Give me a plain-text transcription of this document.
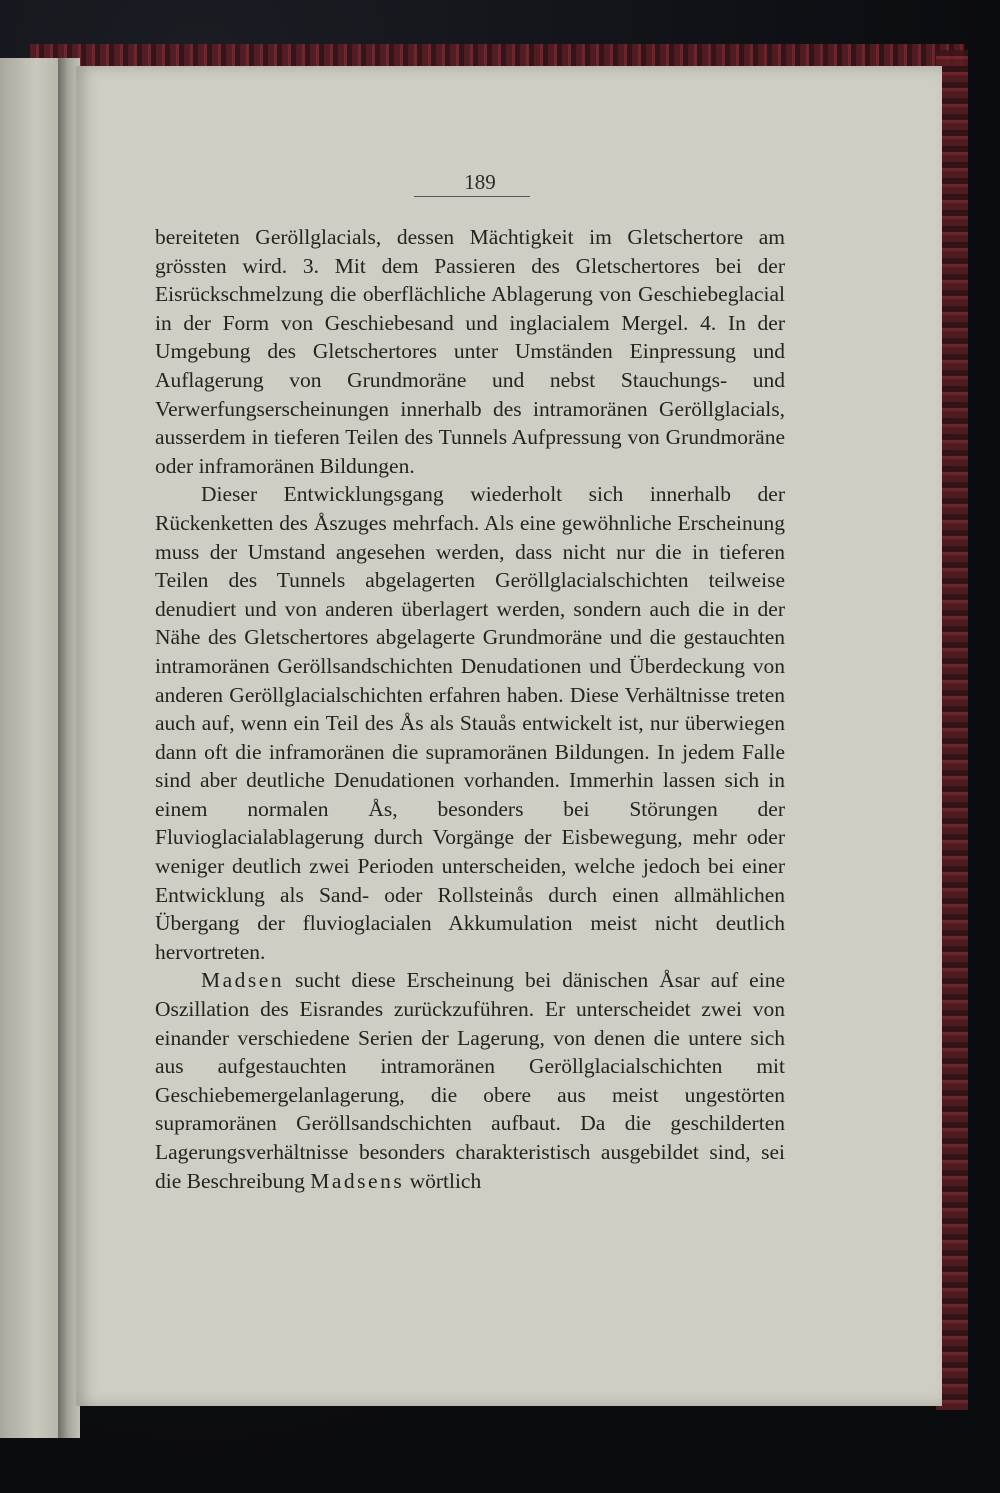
189

bereiteten Geröllglacials, dessen Mächtigkeit im Gletschertore am grössten wird. 3. Mit dem Passieren des Gletschertores bei der Eisrückschmelzung die oberflächliche Ablagerung von Geschiebeglacial in der Form von Geschiebesand und inglacialem Mergel. 4. In der Umgebung des Gletschertores unter Umständen Einpressung und Auflagerung von Grundmoräne und nebst Stauchungs- und Verwerfungserscheinungen innerhalb des intramoränen Geröllglacials, ausserdem in tieferen Teilen des Tunnels Aufpressung von Grundmoräne oder inframoränen Bildungen.

Dieser Entwicklungsgang wiederholt sich innerhalb der Rückenketten des Åszuges mehrfach. Als eine gewöhnliche Erscheinung muss der Umstand angesehen werden, dass nicht nur die in tieferen Teilen des Tunnels abgelagerten Geröllglacialschichten teilweise denudiert und von anderen überlagert werden, sondern auch die in der Nähe des Gletschertores abgelagerte Grundmoräne und die gestauchten intramoränen Geröllsandschichten Denudationen und Überdeckung von anderen Geröllglacialschichten erfahren haben. Diese Verhältnisse treten auch auf, wenn ein Teil des Ås als Stauås entwickelt ist, nur überwiegen dann oft die inframoränen die supramoränen Bildungen. In jedem Falle sind aber deutliche Denudationen vorhanden. Immerhin lassen sich in einem normalen Ås, besonders bei Störungen der Fluvioglacialablagerung durch Vorgänge der Eisbewegung, mehr oder weniger deutlich zwei Perioden unterscheiden, welche jedoch bei einer Entwicklung als Sand- oder Rollsteinås durch einen allmählichen Übergang der fluvioglacialen Akkumulation meist nicht deutlich hervortreten.

Madsen sucht diese Erscheinung bei dänischen Åsar auf eine Oszillation des Eisrandes zurückzuführen. Er unterscheidet zwei von einander verschiedene Serien der Lagerung, von denen die untere sich aus aufgestauchten intramoränen Geröllglacialschichten mit Geschiebemergelanlagerung, die obere aus meist ungestörten supramoränen Geröllsandschichten aufbaut. Da die geschilderten Lagerungsverhältnisse besonders charakteristisch ausgebildet sind, sei die Beschreibung Madsens wörtlich
